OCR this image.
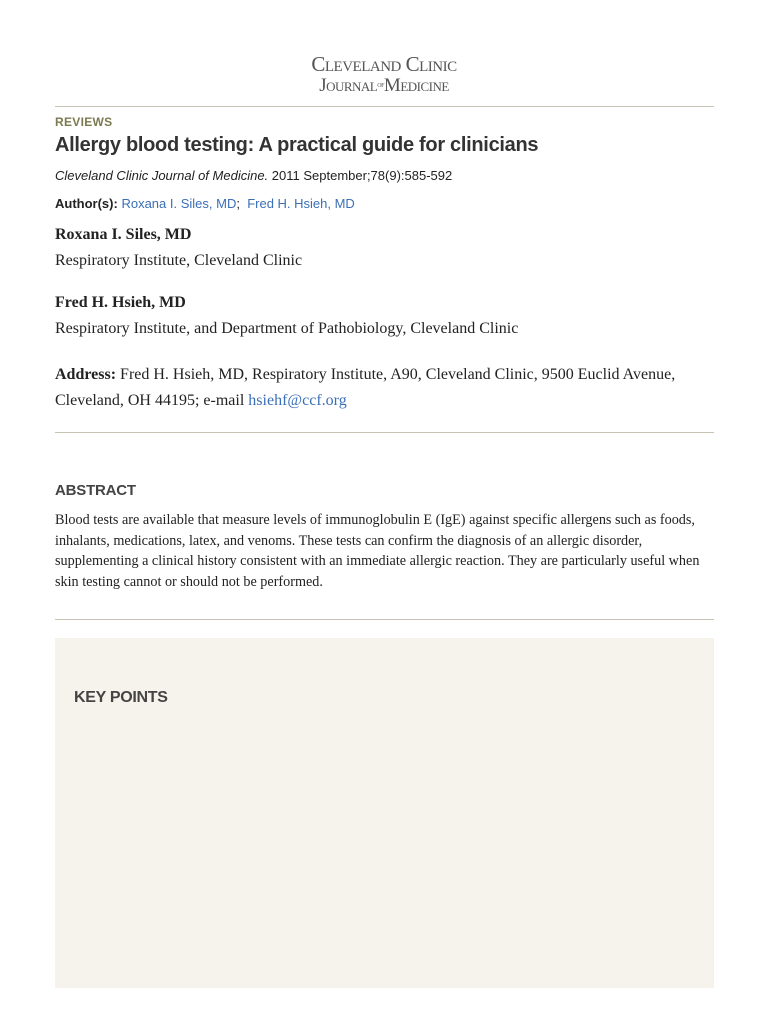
Cleveland Clinic
Journal$^{of}$Medicine
REVIEWS
Allergy blood testing: A practical guide for clinicians
Cleveland Clinic Journal of Medicine. 2011 September;78(9):585-592
Author(s): Roxana I. Siles, MD; Fred H. Hsieh, MD
Roxana I. Siles, MD
Respiratory Institute, Cleveland Clinic
Fred H. Hsieh, MD
Respiratory Institute, and Department of Pathobiology, Cleveland Clinic
Address: Fred H. Hsieh, MD, Respiratory Institute, A90, Cleveland Clinic, 9500 Euclid Avenue, Cleveland, OH 44195; e-mail hsiehf@ccf.org
ABSTRACT
Blood tests are available that measure levels of immunoglobulin E (IgE) against specific allergens such as foods, inhalants, medications, latex, and venoms. These tests can confirm the diagnosis of an allergic disorder, supplementing a clinical history consistent with an immediate allergic reaction. They are particularly useful when skin testing cannot or should not be performed.
KEY POINTS
